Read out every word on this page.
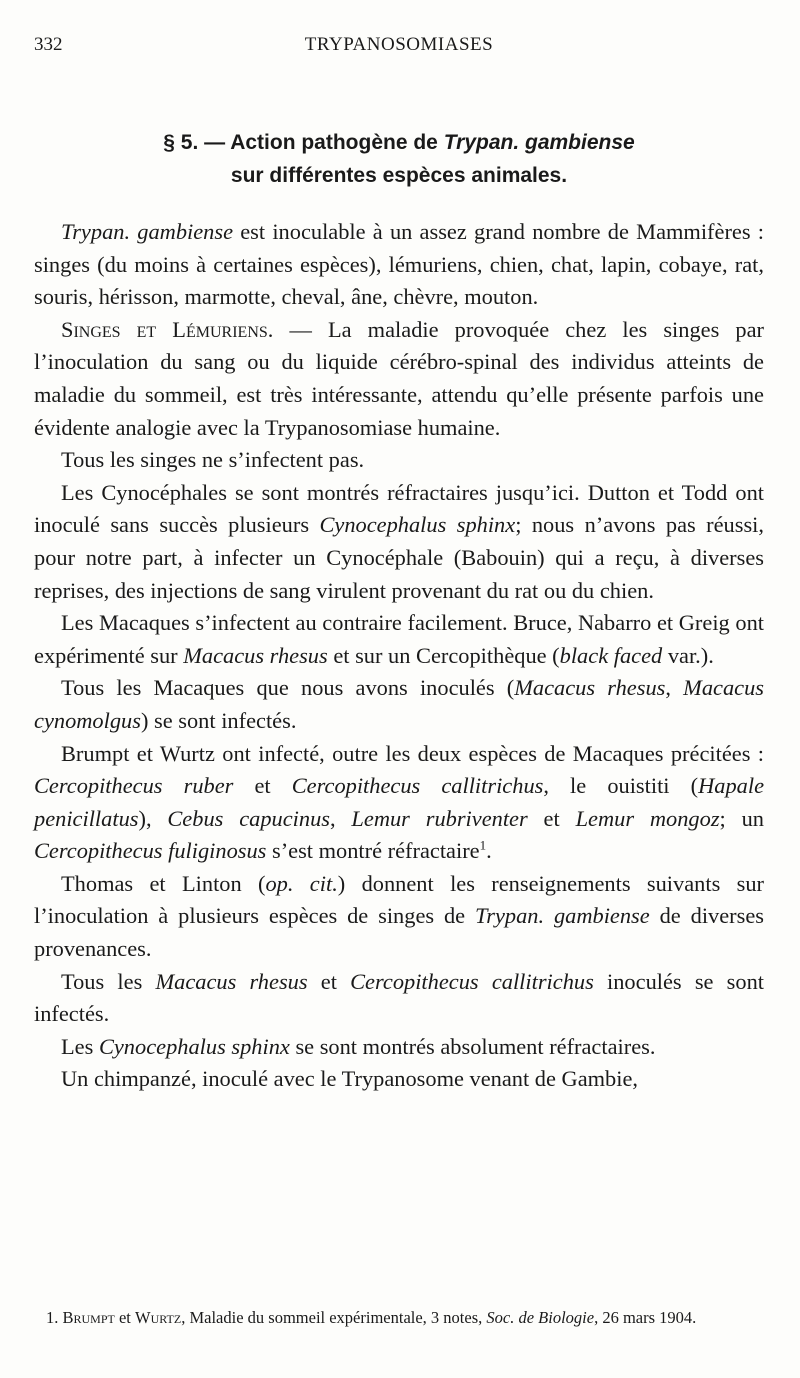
332	TRYPANOSOMIASES
§ 5. — Action pathogène de Trypan. gambiense
sur différentes espèces animales.

Trypan. gambiense est inoculable à un assez grand nombre de Mammifères : singes (du moins à certaines espèces), lémuriens, chien, chat, lapin, cobaye, rat, souris, hérisson, marmotte, cheval, âne, chèvre, mouton.

Singes et Lémuriens. — La maladie provoquée chez les singes par l’inoculation du sang ou du liquide cérébro-spinal des individus atteints de maladie du sommeil, est très intéressante, attendu qu’elle présente parfois une évidente analogie avec la Trypanosomiase humaine.

Tous les singes ne s’infectent pas.

Les Cynocéphales se sont montrés réfractaires jusqu’ici. Dutton et Todd ont inoculé sans succès plusieurs Cynocephalus sphinx; nous n’avons pas réussi, pour notre part, à infecter un Cynocéphale (Babouin) qui a reçu, à diverses reprises, des injections de sang virulent provenant du rat ou du chien.

Les Macaques s’infectent au contraire facilement. Bruce, Nabarro et Greig ont expérimenté sur Macacus rhesus et sur un Cercopithèque (black faced var.).

Tous les Macaques que nous avons inoculés (Macacus rhesus, Macacus cynomolgus) se sont infectés.

Brumpt et Wurtz ont infecté, outre les deux espèces de Macaques précitées : Cercopithecus ruber et Cercopithecus callitrichus, le ouistiti (Hapale penicillatus), Cebus capucinus, Lemur rubriventer et Lemur mongoz; un Cercopithecus fuliginosus s’est montré réfractaire$^1$.

Thomas et Linton (op. cit.) donnent les renseignements suivants sur l’inoculation à plusieurs espèces de singes de Trypan. gambiense de diverses provenances.

Tous les Macacus rhesus et Cercopithecus callitrichus inoculés se sont infectés.

Les Cynocephalus sphinx se sont montrés absolument réfractaires.

Un chimpanzé, inoculé avec le Trypanosome venant de Gambie,

1. Brumpt et Wurtz, Maladie du sommeil expérimentale, 3 notes, Soc. de Biologie, 26 mars 1904.
